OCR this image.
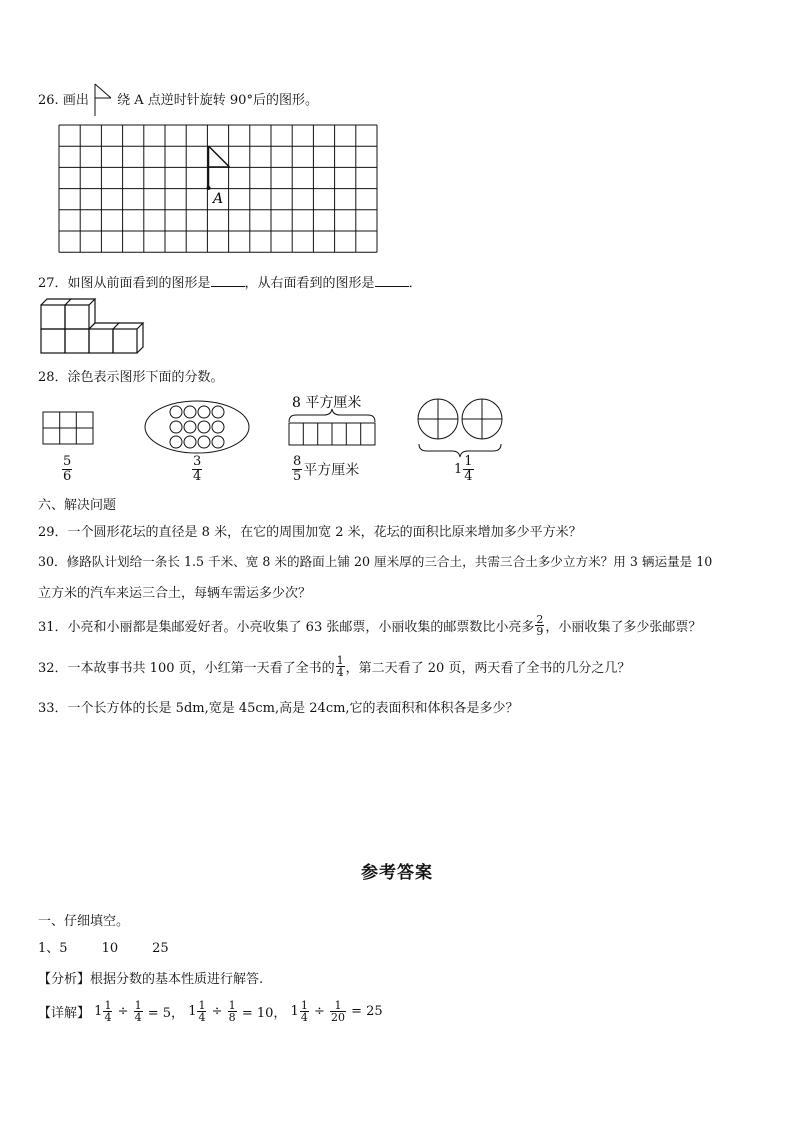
26. 画出 绕 A 点逆时针旋转 90°后的图形。
A
27．如图从前面看到的图形是	，从右面看到的图形是	．
28．涂色表示图形下面的分数。
8 平方厘米
$\frac{5}{6}$	$\frac{3}{4}$	$\frac{8}{5}$ 平方厘米	$1 \frac{1}{4}$
六、解决问题
29．一个圆形花坛的直径是 8 米，在它的周围加宽 2 米，花坛的面积比原来增加多少平方米？
30．修路队计划给一条长 1.5 千米、宽 8 米的路面上铺 20 厘米厚的三合土，共需三合土多少立方米？用 3 辆运量是 10
立方米的汽车来运三合土，每辆车需运多少次？
31．小亮和小丽都是集邮爱好者。小亮收集了 63 张邮票，小丽收集的邮票数比小亮多 $\frac{2}{9}$ ，小丽收集了多少张邮票？
32．一本故事书共 100 页，小红第一天看了全书的 $\frac{1}{4}$ ，第二天看了 20 页，两天看了全书的几分之几？
33．一个长方体的长是 5dm,宽是 45cm,高是 24cm,它的表面积和体积各是多少？
参考答案
一、仔细填空。
1、5	10	25
【分析】根据分数的基本性质进行解答.
【详解】 $1 \frac{1}{4} \div \frac{1}{4} = 5$， $1 \frac{1}{4} \div \frac{1}{8} = 10$， $1 \frac{1}{4} \div \frac{1}{20} = 25$
